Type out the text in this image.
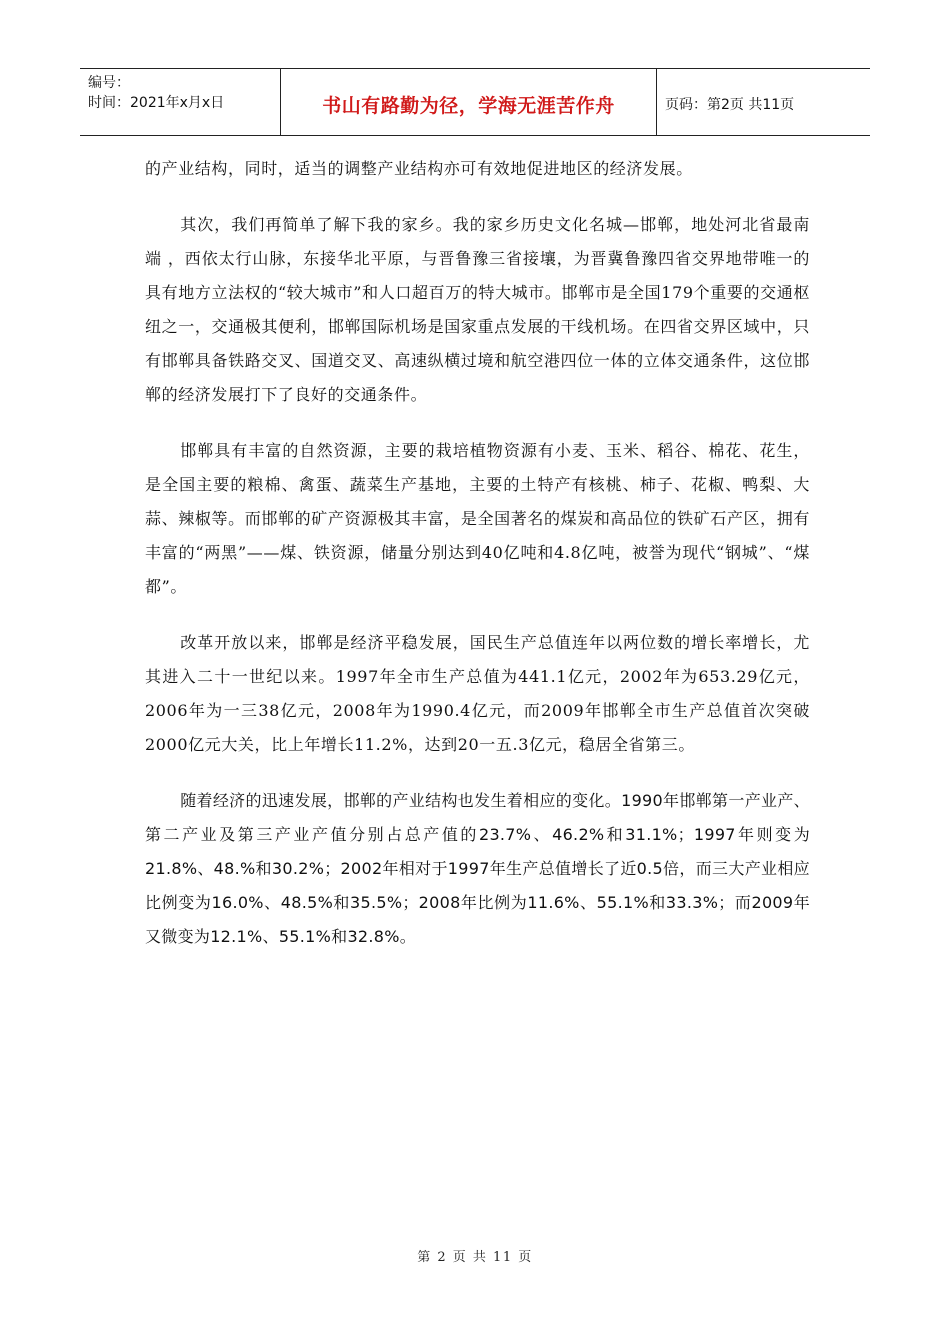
编号：
时间：2021年x月x日	书山有路勤为径，学海无涯苦作舟	页码：第2页 共11页

的产业结构，同时，适当的调整产业结构亦可有效地促进地区的经济发展。

其次，我们再简单了解下我的家乡。我的家乡历史文化名城—邯郸，地处河北省最南端 ，西依太行山脉，东接华北平原，与晋鲁豫三省接壤，为晋冀鲁豫四省交界地带唯一的具有地方立法权的“较大城市”和人口超百万的特大城市。邯郸市是全国179个重要的交通枢纽之一，交通极其便利，邯郸国际机场是国家重点发展的干线机场。在四省交界区域中，只有邯郸具备铁路交叉、国道交叉、高速纵横过境和航空港四位一体的立体交通条件，这位邯郸的经济发展打下了良好的交通条件。

邯郸具有丰富的自然资源，主要的栽培植物资源有小麦、玉米、稻谷、棉花、花生，是全国主要的粮棉、禽蛋、蔬菜生产基地，主要的土特产有核桃、柿子、花椒、鸭梨、大蒜、辣椒等。而邯郸的矿产资源极其丰富，是全国著名的煤炭和高品位的铁矿石产区，拥有丰富的“两黑”——煤、铁资源，储量分别达到40亿吨和4.8亿吨，被誉为现代“钢城”、“煤都”。

改革开放以来，邯郸是经济平稳发展，国民生产总值连年以两位数的增长率增长，尤其进入二十一世纪以来。1997年全市生产总值为441.1亿元，2002年为653.29亿元，2006年为一三38亿元，2008年为1990.4亿元，而2009年邯郸全市生产总值首次突破2000亿元大关，比上年增长11.2%，达到20一五.3亿元，稳居全省第三。

随着经济的迅速发展，邯郸的产业结构也发生着相应的变化。1990年邯郸第一产业产、第二产业及第三产业产值分别占总产值的23.7%、46.2%和31.1%；1997年则变为21.8%、48.%和30.2%；2002年相对于1997年生产总值增长了近0.5倍，而三大产业相应比例变为16.0%、48.5%和35.5%；2008年比例为11.6%、55.1%和33.3%；而2009年又微变为12.1%、55.1%和32.8%。

第 2 页 共 11 页
